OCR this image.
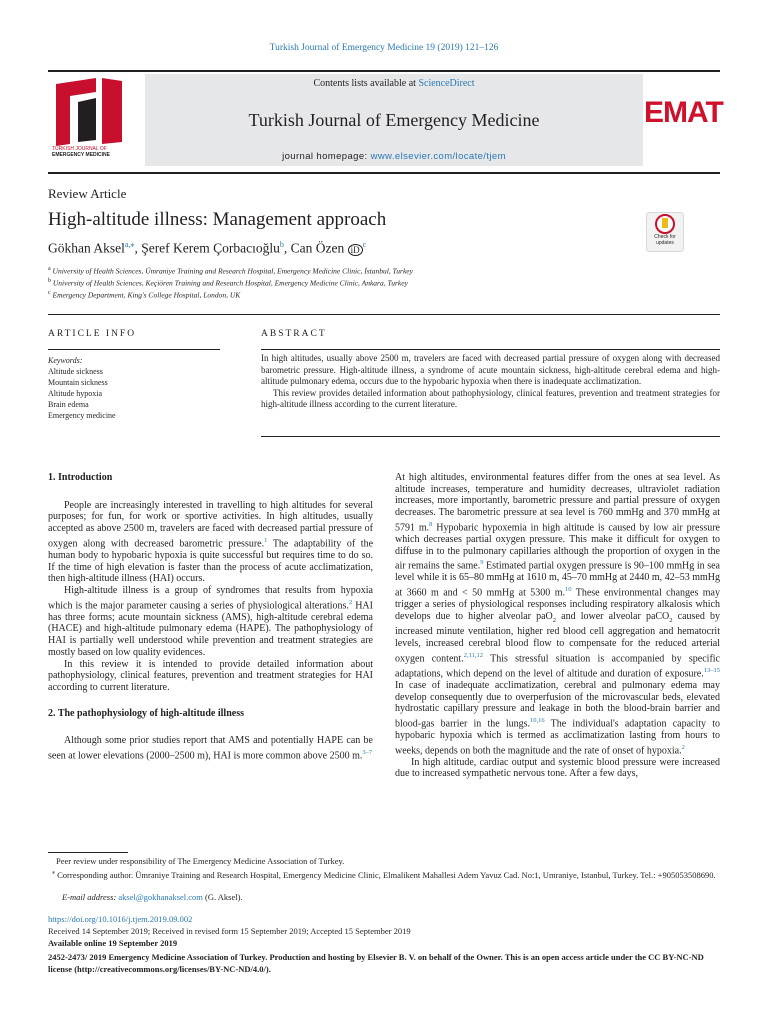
Turkish Journal of Emergency Medicine 19 (2019) 121–126
TURKISH JOURNAL OF
EMERGENCY MEDICINE
Contents lists available at ScienceDirect
Turkish Journal of Emergency Medicine
journal homepage: www.elsevier.com/locate/tjem
EMAT
Review Article
High-altitude illness: Management approach
Gökhan Aksel$^{a,⁎}$, Şeref Kerem Çorbacıoğlu$^b$, Can Özen iD $^c$
Check for
updates
$^a$ University of Health Sciences, Ümraniye Training and Research Hospital, Emergency Medicine Clinic, İstanbul, Turkey
$^b$ University of Health Sciences, Keçiören Training and Research Hospital, Emergency Medicine Clinic, Ankara, Turkey
$^c$ Emergency Department, King's College Hospital, London, UK
ARTICLE INFO	ABSTRACT
Keywords:
Altitude sickness
Mountain sickness
Altitude hypoxia
Brain edema
Emergency medicine

In high altitudes, usually above 2500 m, travelers are faced with decreased partial pressure of oxygen along with decreased barometric pressure. High-altitude illness, a syndrome of acute mountain sickness, high-altitude cerebral edema and high-altitude pulmonary edema, occurs due to the hypobaric hypoxia when there is inadequate acclimatization.

This review provides detailed information about pathophysiology, clinical features, prevention and treatment strategies for high-altitude illness according to the current literature.

1. Introduction

People are increasingly interested in travelling to high altitudes for several purposes; for fun, for work or sportive activities. In high altitudes, usually accepted as above 2500 m, travelers are faced with decreased partial pressure of oxygen along with decreased barometric pressure.$^1$ The adaptability of the human body to hypobaric hypoxia is quite successful but requires time to do so. If the time of high elevation is faster than the process of acute acclimatization, then high-altitude illness (HAI) occurs.

High-altitude illness is a group of syndromes that results from hypoxia which is the major parameter causing a series of physiological alterations.$^2$ HAI has three forms; acute mountain sickness (AMS), high-altitude cerebral edema (HACE) and high-altitude pulmonary edema (HAPE). The pathophysiology of HAI is partially well understood while prevention and treatment strategies are mostly based on low quality evidences.

In this review it is intended to provide detailed information about pathophysiology, clinical features, prevention and treatment strategies for HAI according to current literature.

2. The pathophysiology of high-altitude illness

Although some prior studies report that AMS and potentially HAPE can be seen at lower elevations (2000–2500 m), HAI is more common above 2500 m.$^{3-7}$

At high altitudes, environmental features differ from the ones at sea level. As altitude increases, temperature and humidity decreases, ultraviolet radiation increases, more importantly, barometric pressure and partial pressure of oxygen decreases. The barometric pressure at sea level is 760 mmHg and 370 mmHg at 5791 m.$^8$ Hypobaric hypoxemia in high altitude is caused by low air pressure which decreases partial oxygen pressure. This make it difficult for oxygen to diffuse in to the pulmonary capillaries although the proportion of oxygen in the air remains the same.$^9$ Estimated partial oxygen pressure is 90–100 mmHg in sea level while it is 65–80 mmHg at 1610 m, 45–70 mmHg at 2440 m, 42–53 mmHg at 3660 m and < 50 mmHg at 5300 m.$^{10}$ These environmental changes may trigger a series of physiological responses including respiratory alkalosis which develops due to higher alveolar paO$_2$ and lower alveolar paCO$_2$ caused by increased minute ventilation, higher red blood cell aggregation and hematocrit levels, increased cerebral blood flow to compensate for the reduced arterial oxygen content.$^{2,11,12}$ This stressful situation is accompanied by specific adaptations, which depend on the level of altitude and duration of exposure.$^{13-15}$ In case of inadequate acclimatization, cerebral and pulmonary edema may develop consequently due to overperfusion of the microvascular beds, elevated hydrostatic capillary pressure and leakage in both the blood-brain barrier and blood-gas barrier in the lungs.$^{10,16}$ The individual's adaptation capacity to hypobaric hypoxia which is termed as acclimatization lasting from hours to weeks, depends on both the magnitude and the rate of onset of hypoxia.$^2$

In high altitude, cardiac output and systemic blood pressure were increased due to increased sympathetic nervous tone. After a few days,

Peer review under responsibility of The Emergency Medicine Association of Turkey.
⁎ Corresponding author. Ümraniye Training and Research Hospital, Emergency Medicine Clinic, Elmalikent Mahallesi Adem Yavuz Cad. No:1, Umraniye, Istanbul, Turkey. Tel.: +905053508690.
E-mail address: aksel@gokhanaksel.com (G. Aksel).
https://doi.org/10.1016/j.tjem.2019.09.002
Received 14 September 2019; Received in revised form 15 September 2019; Accepted 15 September 2019
Available online 19 September 2019
2452-2473/ 2019 Emergency Medicine Association of Turkey. Production and hosting by Elsevier B. V. on behalf of the Owner. This is an open access article under the CC BY-NC-ND license (http://creativecommons.org/licenses/BY-NC-ND/4.0/).
